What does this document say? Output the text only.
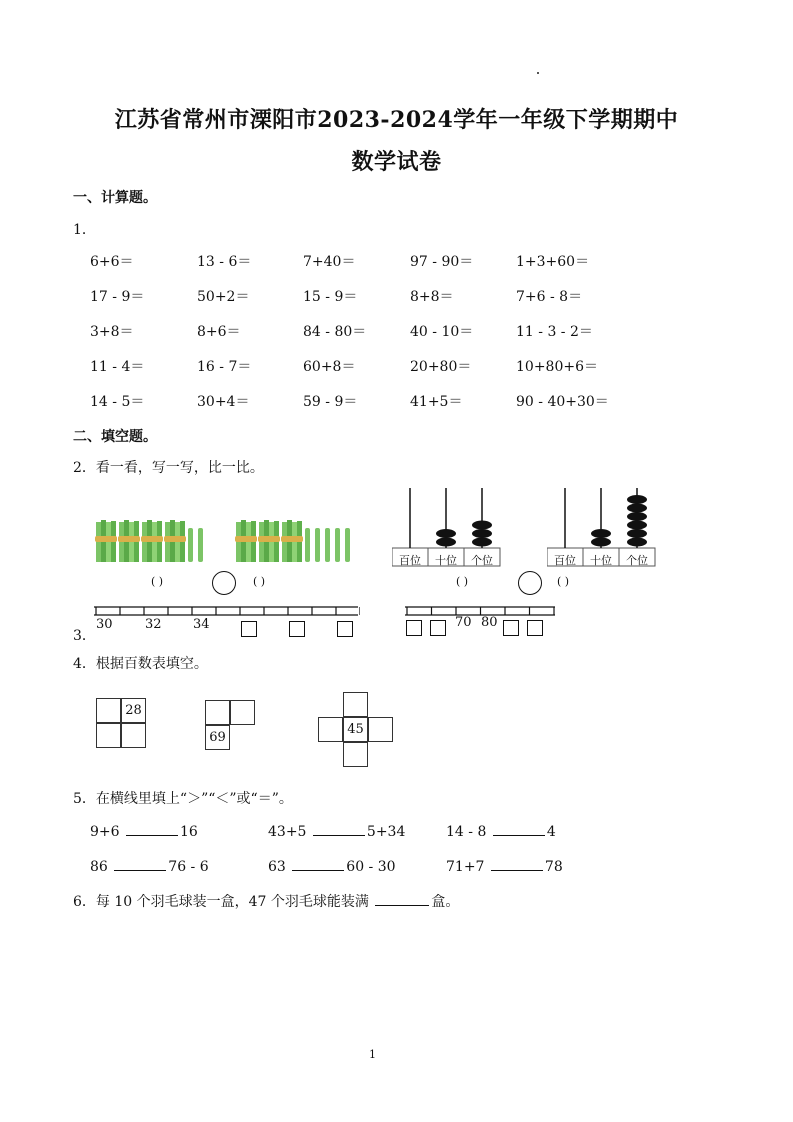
江苏省常州市溧阳市2023-2024学年一年级下学期期中
数学试卷
一、计算题。
1．
6+6＝	13 - 6＝	7+40＝	97 - 90＝	1+3+60＝
17 - 9＝	50+2＝	15 - 9＝	8+8＝	7+6 - 8＝
3+8＝	8+6＝	84 - 80＝	40 - 10＝	11 - 3 - 2＝
11 - 4＝	16 - 7＝	60+8＝	20+80＝	10+80+6＝
14 - 5＝	30+4＝	59 - 9＝	41+5＝	90 - 40+30＝
二、填空题。
2．看一看，写一写，比一比。
( )	( )
百位 十位 个位	百位 十位 个位
( )	( )
3．
30 32 34	70 80
4．根据百数表填空。
28
69
45
5．在横线里填上“＞”“＜”或“＝”。
9+6	16	43+5	5+34	14 - 8	4
86	76 - 6	63	60 - 30	71+7	78
6．每 10 个羽毛球装一盒，47 个羽毛球能装满	盒。
1
